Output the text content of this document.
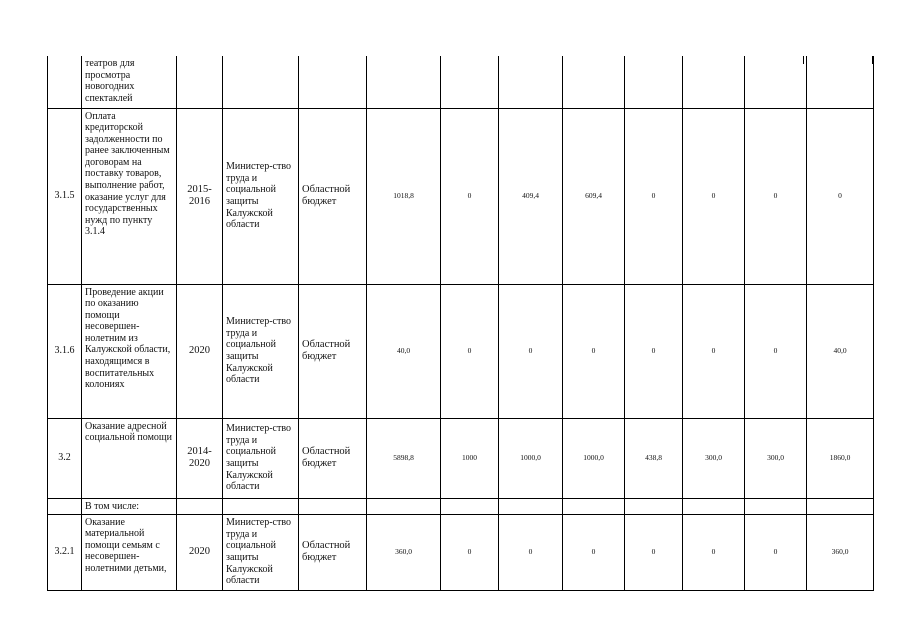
	театров для просмотра новогодних спектаклей											
3.1.5	Оплата кредиторской задолженности по ранее заключенным договорам на поставку товаров, выполнение работ, оказание услуг для государственных нужд по пункту 3.1.4	2015-2016	Министер-ство труда и социальной защиты Калужской области	Областной бюджет	1018,8	0	409,4	609,4	0	0	0	0
3.1.6	Проведение акции по оказанию помощи несовершен-нолетним из Калужской области, находящимся в воспитательных колониях	2020	Министер-ство труда и социальной защиты Калужской области	Областной бюджет	40,0	0	0	0	0	0	0	40,0
3.2	Оказание адресной социальной помощи	2014-2020	Министер-ство труда и социальной защиты Калужской области	Областной бюджет	5898,8	1000	1000,0	1000,0	438,8	300,0	300,0	1860,0
	В том числе:											
3.2.1	Оказание материальной помощи семьям с несовершен-нолетними детьми,	2020	Министер-ство труда и социальной защиты Калужской области	Областной бюджет	360,0	0	0	0	0	0	0	360,0
